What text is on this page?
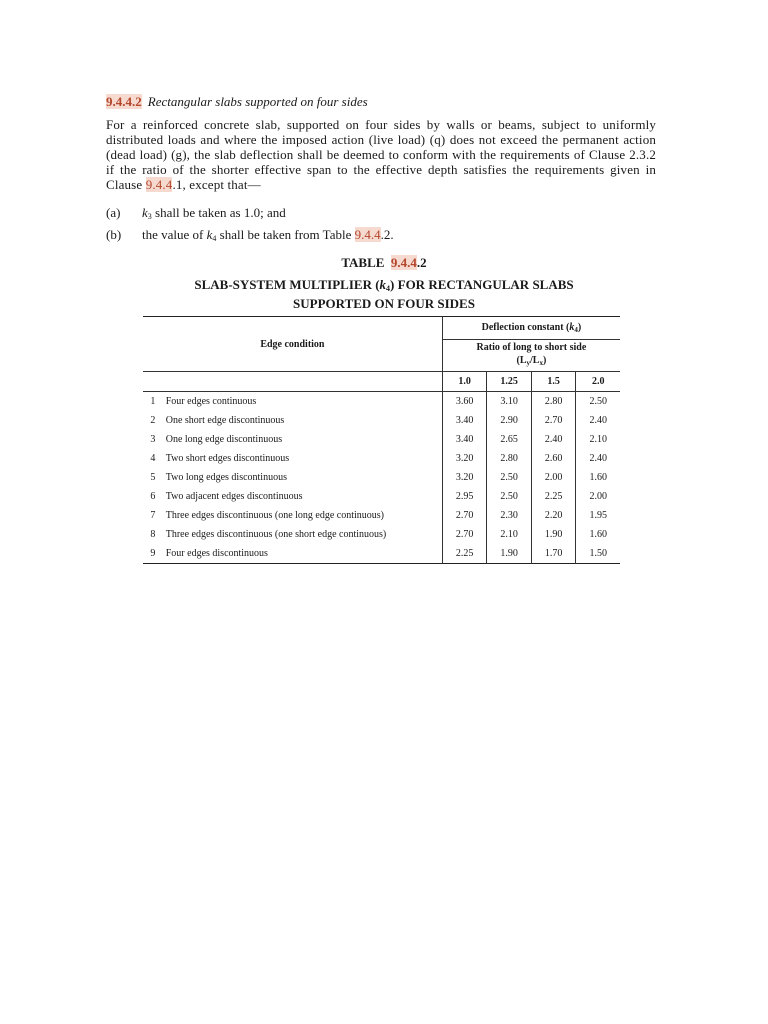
9.4.4.2 Rectangular slabs supported on four sides
For a reinforced concrete slab, supported on four sides by walls or beams, subject to uniformly distributed loads and where the imposed action (live load) (q) does not exceed the permanent action (dead load) (g), the slab deflection shall be deemed to conform with the requirements of Clause 2.3.2 if the ratio of the shorter effective span to the effective depth satisfies the requirements given in Clause 9.4.4.1, except that—
(a) $k_3$ shall be taken as 1.0; and
(b) the value of $k_4$ shall be taken from Table 9.4.4.2.
TABLE 9.4.4.2
SLAB-SYSTEM MULTIPLIER $(k_4)$ FOR RECTANGULAR SLABS
SUPPORTED ON FOUR SIDES
Edge condition		Deflection constant $(k_4)$			
		Ratio of long to short side
$(L_y/L_x)$			
		1.0	1.25	1.5	2.0
1	Four edges continuous	3.60	3.10	2.80	2.50
2	One short edge discontinuous	3.40	2.90	2.70	2.40
3	One long edge discontinuous	3.40	2.65	2.40	2.10
4	Two short edges discontinuous	3.20	2.80	2.60	2.40
5	Two long edges discontinuous	3.20	2.50	2.00	1.60
6	Two adjacent edges discontinuous	2.95	2.50	2.25	2.00
7	Three edges discontinuous (one long edge continuous)	2.70	2.30	2.20	1.95
8	Three edges discontinuous (one short edge continuous)	2.70	2.10	1.90	1.60
9	Four edges discontinuous	2.25	1.90	1.70	1.50
